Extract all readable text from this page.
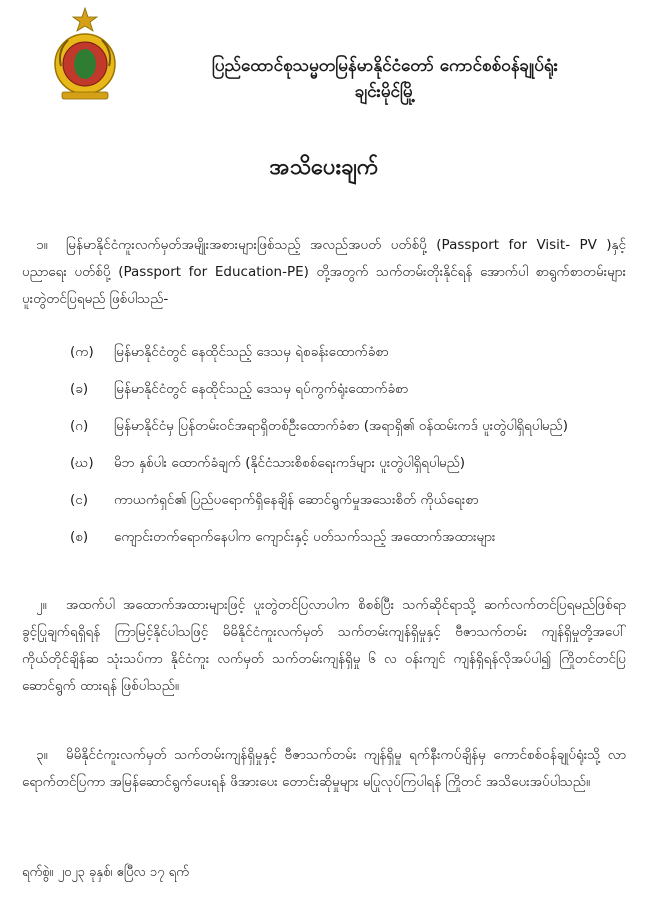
ပြည်ထောင်စုသမ္မတမြန်မာနိုင်ငံတော် ကောင်စစ်ဝန်ချုပ်ရုံး
ချင်းမိုင်မြို့
အသိပေးချက်
၁။ မြန်မာနိုင်ငံကူးလက်မှတ်အမျိုးအစားများဖြစ်သည့် အလည်အပတ် ပတ်စ်ပို့ (Passport for Visit- PV )နှင့် ပညာရေး ပတ်စ်ပို့ (Passport for Education-PE) တို့အတွက် သက်တမ်းတိုးနိုင်ရန် အောက်ပါ စာရွက်စာတမ်းများ ပူးတွဲတင်ပြရမည် ဖြစ်ပါသည်-
(က)	မြန်မာနိုင်ငံတွင် နေထိုင်သည့် ဒေသမှ ရဲစခန်းထောက်ခံစာ
(ခ)	မြန်မာနိုင်ငံတွင် နေထိုင်သည့် ဒေသမှ ရပ်ကွက်ရုံးထောက်ခံစာ
(ဂ)	မြန်မာနိုင်ငံမှ ပြန်တမ်းဝင်အရာရှိတစ်ဦးထောက်ခံစာ (အရာရှိ၏ ဝန်ထမ်းကဒ် ပူးတွဲပါရှိရပါမည်)
(ဃ)	မိဘ နှစ်ပါး ထောက်ခံချက် (နိုင်ငံသားစိစစ်ရေးကဒ်များ ပူးတွဲပါရှိရပါမည်)
(င)	ကာယကံရှင်၏ ပြည်ပရောက်ရှိနေချိန် ဆောင်ရွက်မှုအသေးစိတ် ကိုယ်ရေးစာ
(စ)	ကျောင်းတက်ရောက်နေပါက ကျောင်းနှင့် ပတ်သက်သည့် အထောက်အထားများ
၂။ အထက်ပါ အထောက်အထားများဖြင့် ပူးတွဲတင်ပြလာပါက စိစစ်ပြီး သက်ဆိုင်ရာသို့ ဆက်လက်တင်ပြရမည်ဖြစ်ရာ ခွင့်ပြုချက်ရရှိရန် ကြာမြင့်နိုင်ပါသဖြင့် မိမိနိုင်ငံကူးလက်မှတ် သက်တမ်းကျန်ရှိမှုနှင့် ဗီဇာသက်တမ်း ကျန်ရှိမှုတို့အပေါ် ကိုယ်တိုင်ချိန်ဆ သုံးသပ်ကာ နိုင်ငံကူး လက်မှတ် သက်တမ်းကျန်ရှိမှု ၆ လ ဝန်းကျင် ကျန်ရှိရန်လိုအပ်ပါ၍ ကြိုတင်တင်ပြ ဆောင်ရွက် ထားရန် ဖြစ်ပါသည်။
၃။ မိမိနိုင်ငံကူးလက်မှတ် သက်တမ်းကျန်ရှိမှုနှင့် ဗီဇာသက်တမ်း ကျန်ရှိမှု ရက်နီးကပ်ချိန်မှ ကောင်စစ်ဝန်ချုပ်ရုံးသို့ လာရောက်တင်ပြကာ အမြန်ဆောင်ရွက်ပေးရန် ဖိအားပေး တောင်းဆိုမှုများ မပြုလုပ်ကြပါရန် ကြိုတင် အသိပေးအပ်ပါသည်။
ရက်စွဲ။ ၂၀၂၃ ခုနှစ်၊ ဧပြီလ ၁၇ ရက်
